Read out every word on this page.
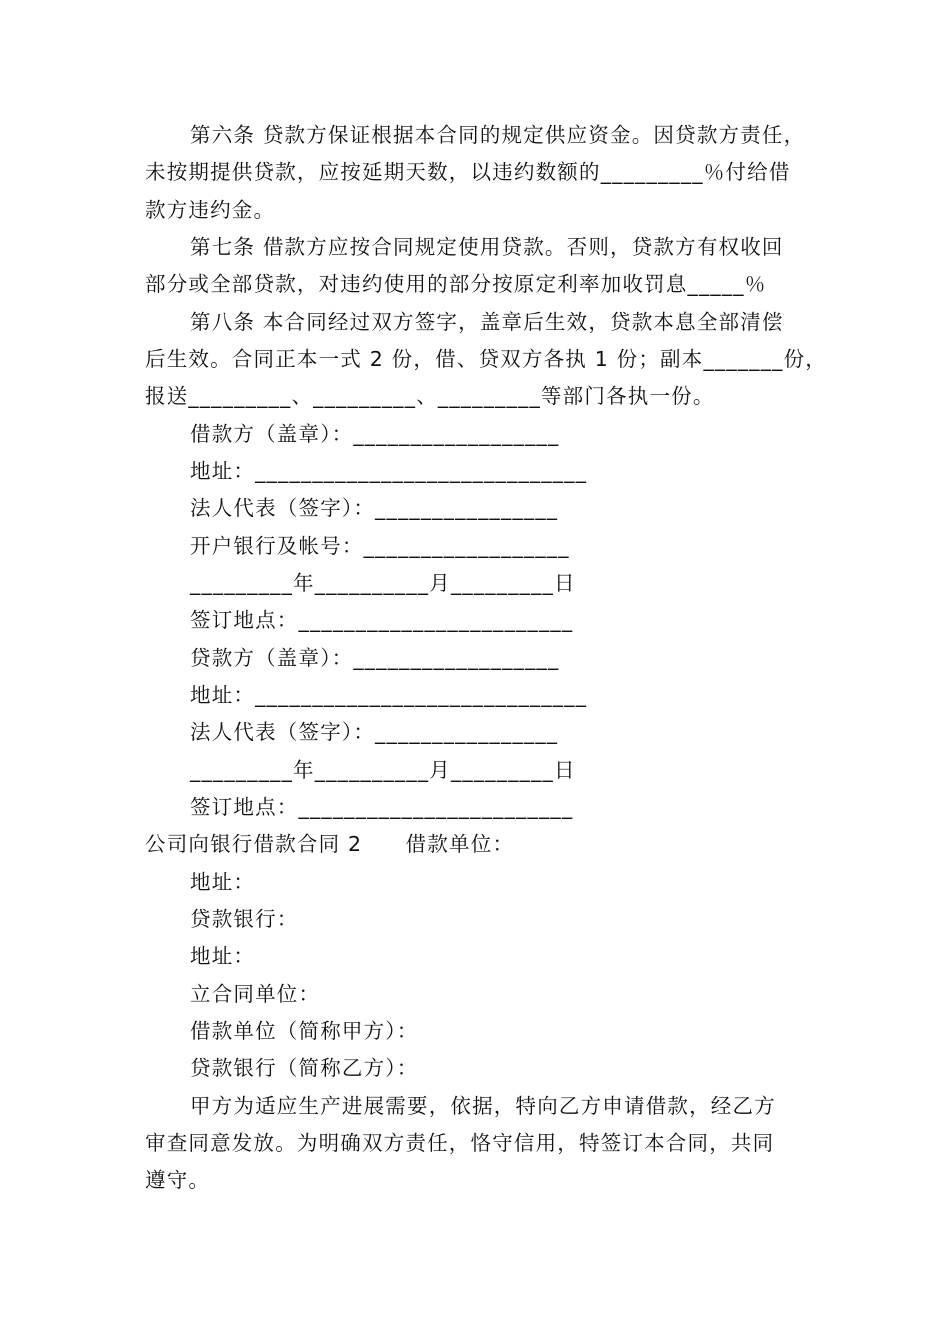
第六条 贷款方保证根据本合同的规定供应资金。因贷款方责任，
未按期提供贷款，应按延期天数，以违约数额的_________％付给借
款方违约金。
第七条 借款方应按合同规定使用贷款。否则，贷款方有权收回
部分或全部贷款，对违约使用的部分按原定利率加收罚息_____％
第八条 本合同经过双方签字，盖章后生效，贷款本息全部清偿
后生效。合同正本一式 2 份，借、贷双方各执 1 份；副本_______份，
报送_________、_________、_________等部门各执一份。
借款方（盖章）：__________________
地址：_____________________________
法人代表（签字）：________________
开户银行及帐号：__________________
_________年__________月_________日
签订地点：________________________
贷款方（盖章）：__________________
地址：_____________________________
法人代表（签字）：________________
_________年__________月_________日
签订地点：________________________
公司向银行借款合同 2　　借款单位：
地址：
贷款银行：
地址：
立合同单位：
借款单位（简称甲方）：
贷款银行（简称乙方）：
甲方为适应生产进展需要，依据，特向乙方申请借款，经乙方
审查同意发放。为明确双方责任，恪守信用，特签订本合同，共同
遵守。
